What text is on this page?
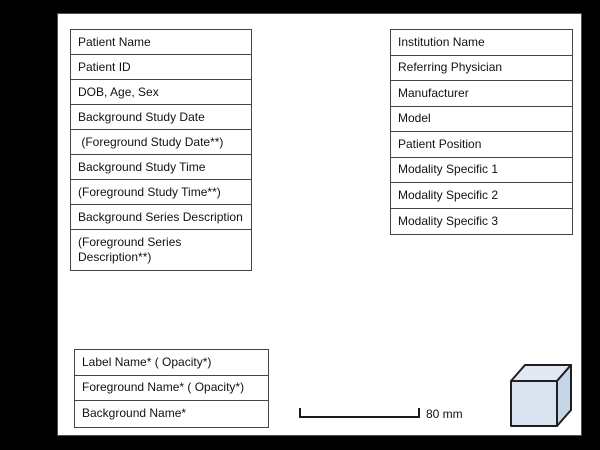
Patient Name
Patient ID
DOB, Age, Sex
Background Study Date
(Foreground Study Date**)
Background Study Time
(Foreground Study Time**)
Background Series Description
(Foreground Series Description**)
Institution Name
Referring Physician
Manufacturer
Model
Patient Position
Modality Specific 1
Modality Specific 2
Modality Specific 3
Label Name* ( Opacity*)
Foreground Name* ( Opacity*)
Background Name*	80 mm
